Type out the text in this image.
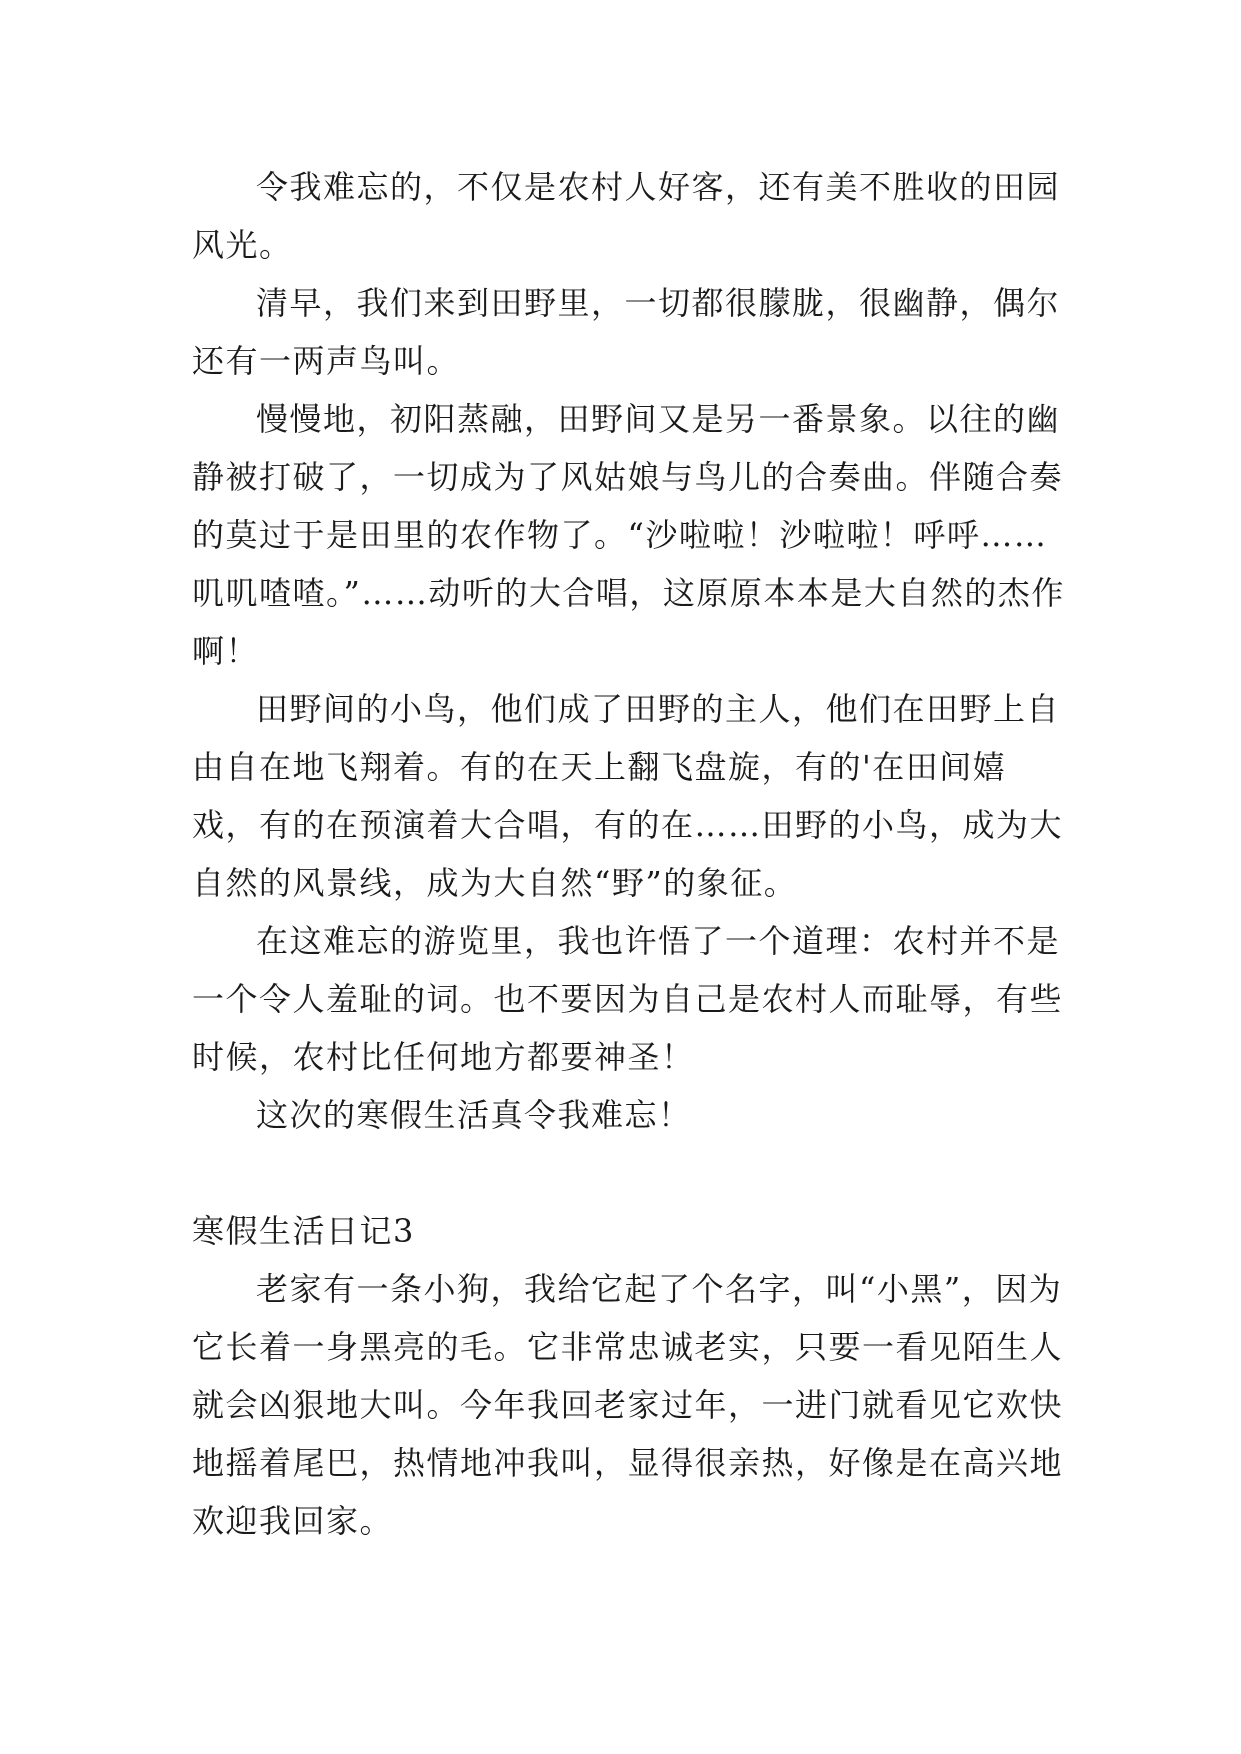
令我难忘的，不仅是农村人好客，还有美不胜收的田园风光。

清早，我们来到田野里，一切都很朦胧，很幽静，偶尔还有一两声鸟叫。

慢慢地，初阳蒸融，田野间又是另一番景象。以往的幽静被打破了，一切成为了风姑娘与鸟儿的合奏曲。伴随合奏的莫过于是田里的农作物了。“沙啦啦！沙啦啦！呼呼……叽叽喳喳。”……动听的大合唱，这原原本本是大自然的杰作啊！

田野间的小鸟，他们成了田野的主人，他们在田野上自由自在地飞翔着。有的在天上翻飞盘旋，有的'在田间嬉戏，有的在预演着大合唱，有的在……田野的小鸟，成为大自然的风景线，成为大自然“野”的象征。

在这难忘的游览里，我也许悟了一个道理：农村并不是一个令人羞耻的词。也不要因为自己是农村人而耻辱，有些时候，农村比任何地方都要神圣！

这次的寒假生活真令我难忘！

寒假生活日记3

老家有一条小狗，我给它起了个名字，叫“小黑”，因为它长着一身黑亮的毛。它非常忠诚老实，只要一看见陌生人就会凶狠地大叫。今年我回老家过年，一进门就看见它欢快地摇着尾巴，热情地冲我叫，显得很亲热，好像是在高兴地欢迎我回家。
